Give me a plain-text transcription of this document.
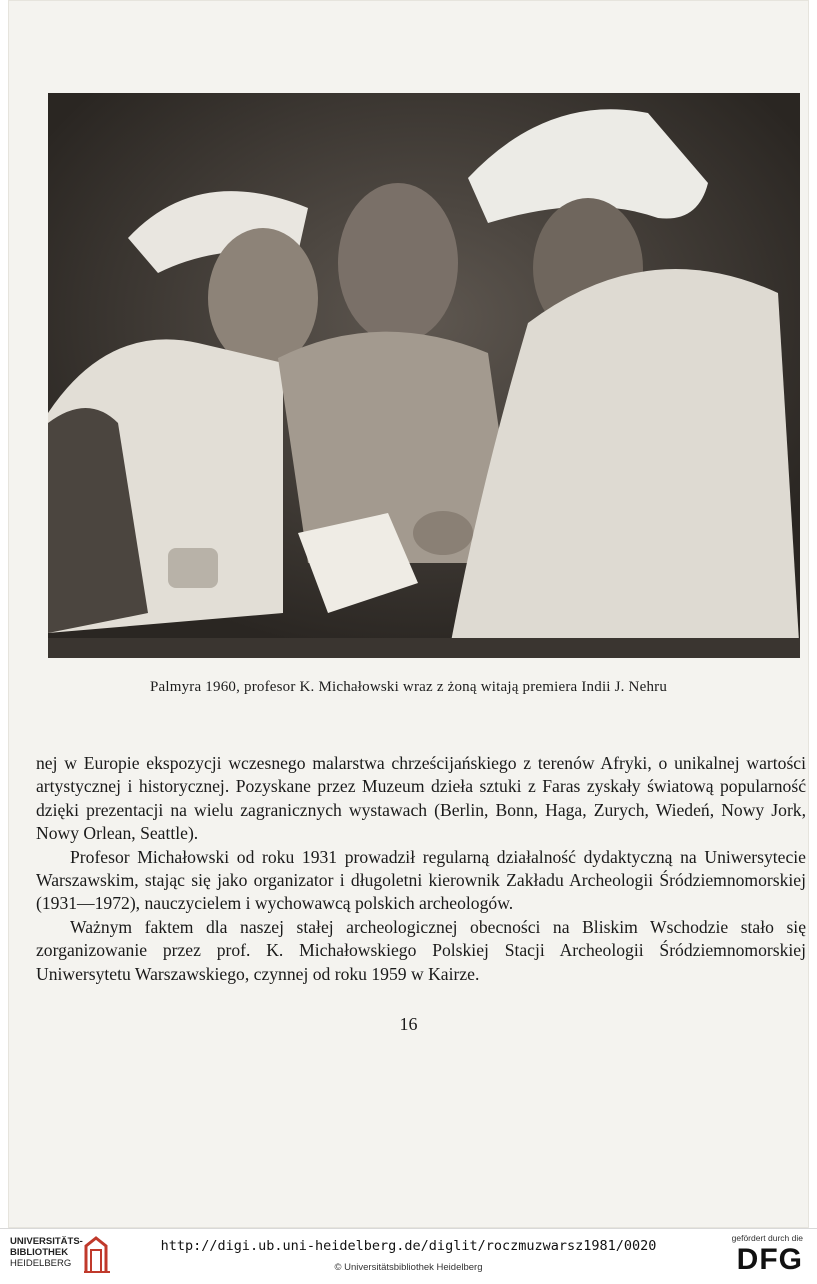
Palmyra 1960, profesor K. Michałowski wraz z żoną witają premiera Indii J. Nehru

nej w Europie ekspozycji wczesnego malarstwa chrześcijańskiego z terenów Afryki, o unikalnej wartości artystycznej i historycznej. Pozyskane przez Muzeum dzieła sztuki z Faras zyskały światową popularność dzięki prezentacji na wielu zagranicznych wystawach (Berlin, Bonn, Haga, Zurych, Wiedeń, Nowy Jork, Nowy Orlean, Seattle).

Profesor Michałowski od roku 1931 prowadził regularną działalność dydaktyczną na Uniwersytecie Warszawskim, stając się jako organizator i długoletni kierownik Zakładu Archeologii Śródziemnomorskiej (1931—1972), nauczycielem i wychowawcą polskich archeologów.

Ważnym faktem dla naszej stałej archeologicznej obecności na Bliskim Wschodzie stało się zorganizowanie przez prof. K. Michałowskiego Polskiej Stacji Archeologii Śródziemnomorskiej Uniwersytetu Warszawskiego, czynnej od roku 1959 w Kairze.

16
UNIVERSITÄTS-
BIBLIOTHEK
HEIDELBERG
http://digi.ub.uni-heidelberg.de/diglit/roczmuzwarsz1981/0020
© Universitätsbibliothek Heidelberg
gefördert durch die
DFG
